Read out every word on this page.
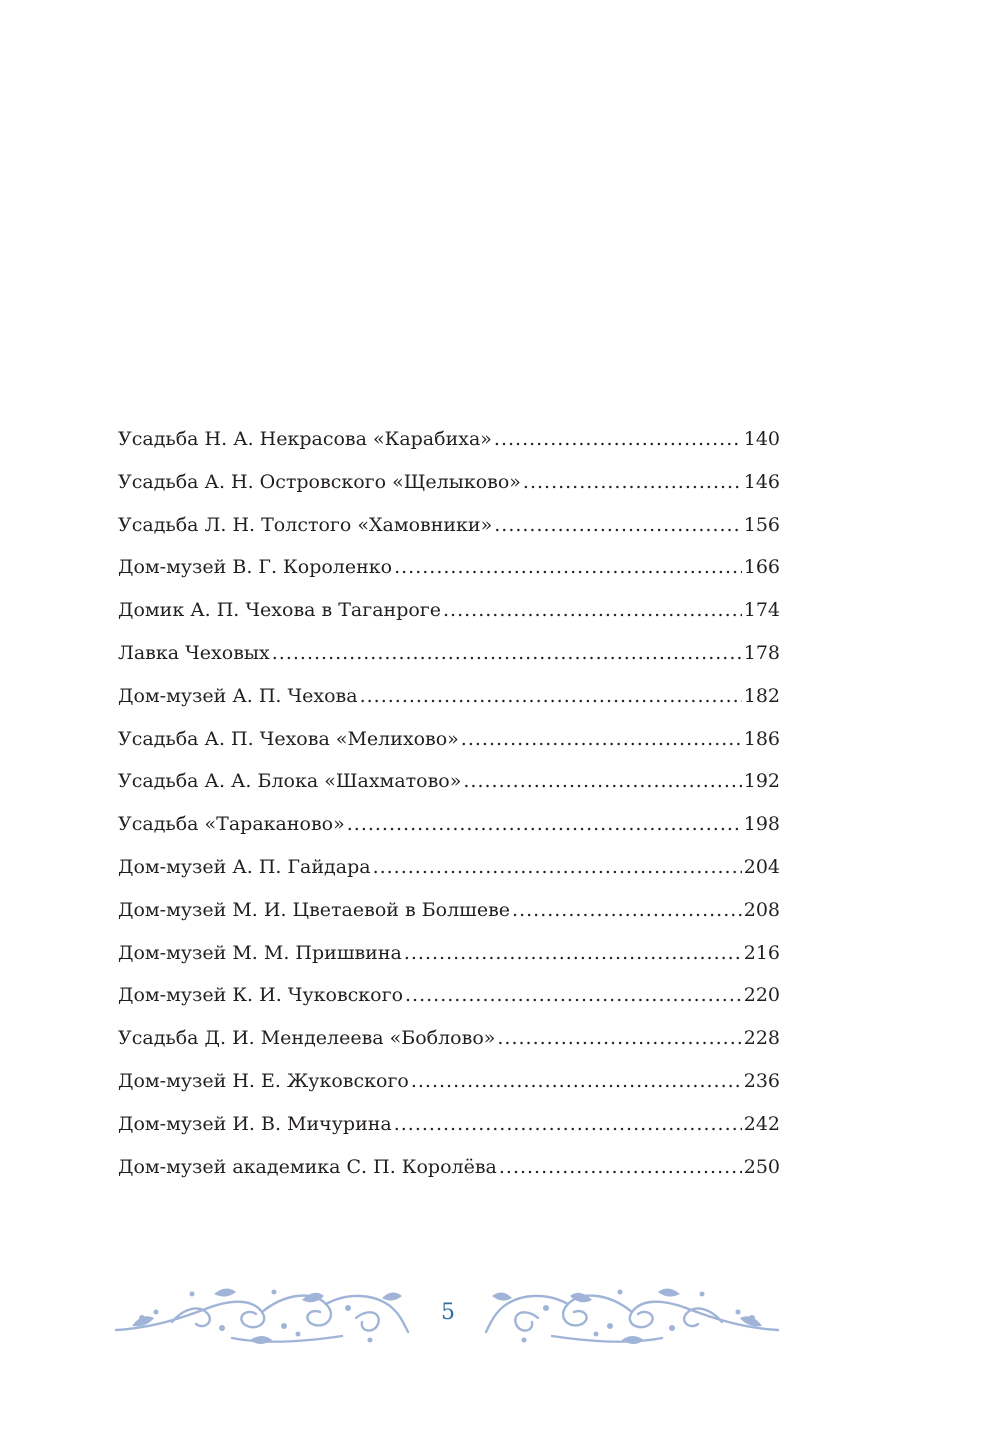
Усадьба Н. А. Некрасова «Карабиха» .....	140
Усадьба А. Н. Островского «Щелыково» .....	146
Усадьба Л. Н. Толстого «Хамовники» .....	156
Дом-музей В. Г. Короленко .....	166
Домик А. П. Чехова в Таганроге .....	174
Лавка Чеховых .....	178
Дом-музей А. П. Чехова .....	182
Усадьба А. П. Чехова «Мелихово» .....	186
Усадьба А. А. Блока «Шахматово» .....	192
Усадьба «Тараканово» .....	198
Дом-музей А. П. Гайдара .....	204
Дом-музей М. И. Цветаевой в Болшеве .....	208
Дом-музей М. М. Пришвина .....	216
Дом-музей К. И. Чуковского .....	220
Усадьба Д. И. Менделеева «Боблово» .....	228
Дом-музей Н. Е. Жуковского .....	236
Дом-музей И. В. Мичурина .....	242
Дом-музей академика С. П. Королёва .....	250
5
